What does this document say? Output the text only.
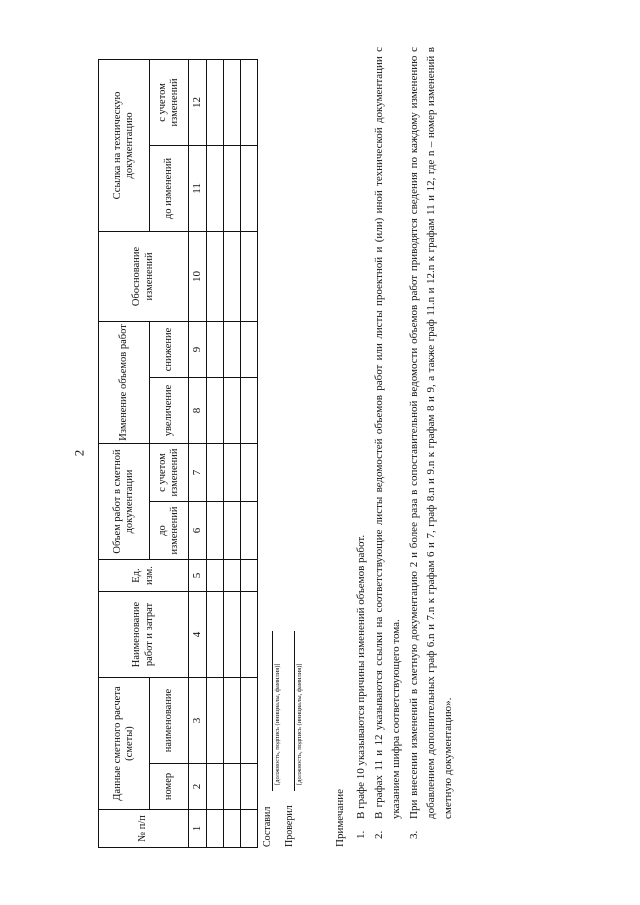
2
№ п/п	Данные сметного расчета (сметы)		Наименование работ и затрат	Ед. изм.	Объем работ в сметной документации		Изменение объемов работ		Обоснование изменений	Ссылка на техническую документацию	
	номер	наименование			до изменений	с учетом изменений	увеличение	снижение		до изменений	с учетом изменений
1	2	3	4	5	6	7	8	9	10	11	12

Составил
[должность, подпись (инициалы, фамилия)]
Проверил
[должность, подпись (инициалы, фамилия)]
Примечание 1.
В графе 10 указываются причины изменений объемов работ.
2.
В графах 11 и 12 указываются ссылки на соответствующие листы ведомостей объемов работ или листы проектной и (или) иной технической документации с указанием шифра соответствующего тома.
3.
При внесении изменений в сметную документацию 2 и более раза в сопоставительной ведомости объемов работ приводятся сведения по каждому изменению с добавлением дополнительных граф 6.n и 7.n к графам 6 и 7, граф 8.n и 9.n к графам 8 и 9, а также граф 11.n и 12.n к графам 11 и 12, где n – номер изменений в сметную документацию».
